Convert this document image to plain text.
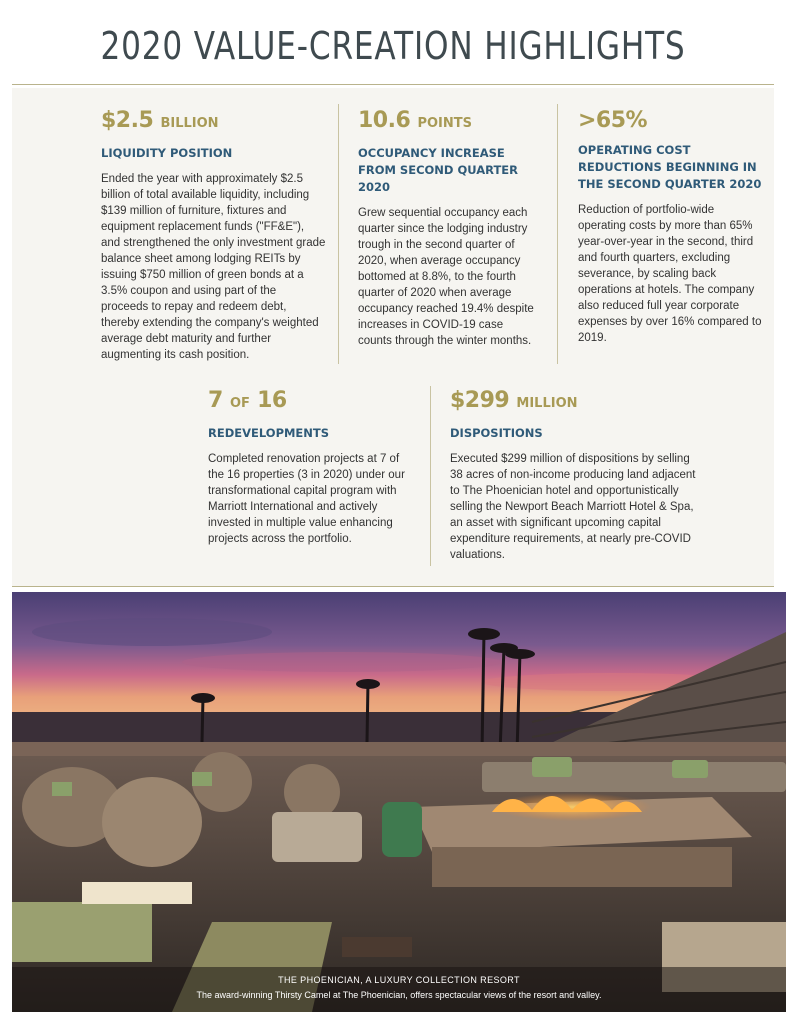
2020 VALUE-CREATION HIGHLIGHTS
$2.5 BILLION
LIQUIDITY POSITION
Ended the year with approximately $2.5 billion of total available liquidity, including $139 million of furniture, fixtures and equipment replacement funds ("FF&E"), and strengthened the only investment grade balance sheet among lodging REITs by issuing $750 million of green bonds at a 3.5% coupon and using part of the proceeds to repay and redeem debt, thereby extending the company's weighted average debt maturity and further augmenting its cash position.
10.6 POINTS
OCCUPANCY INCREASE FROM SECOND QUARTER 2020
Grew sequential occupancy each quarter since the lodging industry trough in the second quarter of 2020, when average occupancy bottomed at 8.8%, to the fourth quarter of 2020 when average occupancy reached 19.4% despite increases in COVID-19 case counts through the winter months.
>65%
OPERATING COST REDUCTIONS BEGINNING IN THE SECOND QUARTER 2020
Reduction of portfolio-wide operating costs by more than 65% year-over-year in the second, third and fourth quarters, excluding severance, by scaling back operations at hotels. The company also reduced full year corporate expenses by over 16% compared to 2019.
7 OF 16
REDEVELOPMENTS
Completed renovation projects at 7 of the 16 properties (3 in 2020) under our transformational capital program with Marriott International and actively invested in multiple value enhancing projects across the portfolio.
$299 MILLION
DISPOSITIONS
Executed $299 million of dispositions by selling 38 acres of non-income producing land adjacent to The Phoenician hotel and opportunistically selling the Newport Beach Marriott Hotel & Spa, an asset with significant upcoming capital expenditure requirements, at nearly pre-COVID valuations.
THE PHOENICIAN, A LUXURY COLLECTION RESORT
The award-winning Thirsty Camel at The Phoenician, offers spectacular views of the resort and valley.
